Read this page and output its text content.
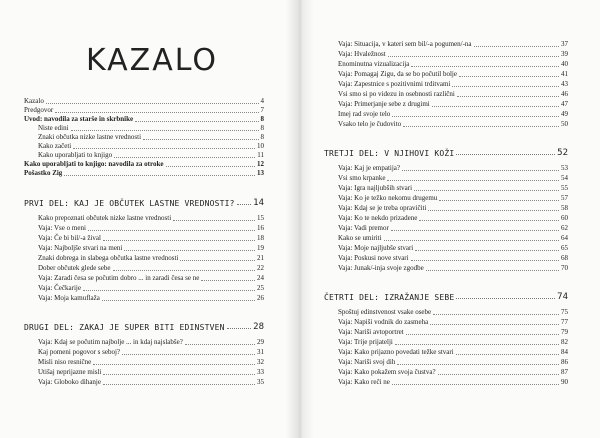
KAZALO
Kazalo	4
Predgovor	7
Uvod: navodila za starše in skrbnike	8
Niste edini	8
Znaki občutka nizke lastne vrednosti	8
Kako začeti	10
Kako uporabljati to knjigo	11
Kako uporabljati to knjigo: navodila za otroke	12
Pošastko Zig	13
PRVI DEL: KAJ JE OBČUTEK LASTNE VREDNOSTI? 14
Kako prepoznati občutek nizke lastne vrednosti	15
Vaja: Vse o meni	16
Vaja: Če bi bil/-a žival	18
Vaja: Najboljše stvari na meni	19
Znaki dobrega in slabega občutka lastne vrednosti	21
Dober občutek glede sebe	22
Vaja: Zaradi česa se počutim dobro ... in zaradi česa se ne	24
Vaja: Čečkarije	25
Vaja: Moja kamuflaža	26
DRUGI DEL: ZAKAJ JE SUPER BITI EDINSTVEN	28
Vaja: Kdaj se počutim najbolje ... in kdaj najslabše?	29
Kaj pomeni pogovor s seboj?	31
Misli niso resnične	32
Utišaj neprijazne misli	33
Vaja: Globoko dihanje	35
Vaja: Situacija, v kateri sem bil/-a pogumen/-na	37
Vaja: Hvaležnost	39
Enominutna vizualizacija	40
Vaja: Pomagaj Zigu, da se bo počutil bolje	41
Vaja: Zapestnice s pozitivnimi trditvami	43
Vsi smo si po videzu in osebnosti različni	46
Vaja: Primerjanje sebe z drugimi	47
Imej rad svoje telo	49
Vsako telo je čudovito	50
TRETJI DEL: V NJIHOVI KOŽI	52
Vaja: Kaj je empatija?	53
Vsi smo krpanke	54
Vaja: Igra najljubših stvari	55
Vaja: Ko je težko nekomu drugemu	57
Vaja: Kdaj se je treba opravičiti	58
Vaja: Ko te nekdo prizadene	60
Vaja: Vadi premor	62
Kako se umiriti	64
Vaja: Moje najljubše stvari	65
Vaja: Poskusi nove stvari	68
Vaja: Junak/-inja svoje zgodbe	70
ČETRTI DEL: IZRAŽANJE SEBE	74
Spoštuj edinstvenost vsake osebe	75
Vaja: Napiši vodnik do zasmeha	77
Vaja: Nariši avtoportret	79
Vaja: Trije prijatelji	82
Vaja: Kako prijazno povedati težke stvari	84
Vaja: Nariši svoj dih	86
Vaja: Kako pokažem svoja čustva?	87
Vaja: Kako reči ne	90
